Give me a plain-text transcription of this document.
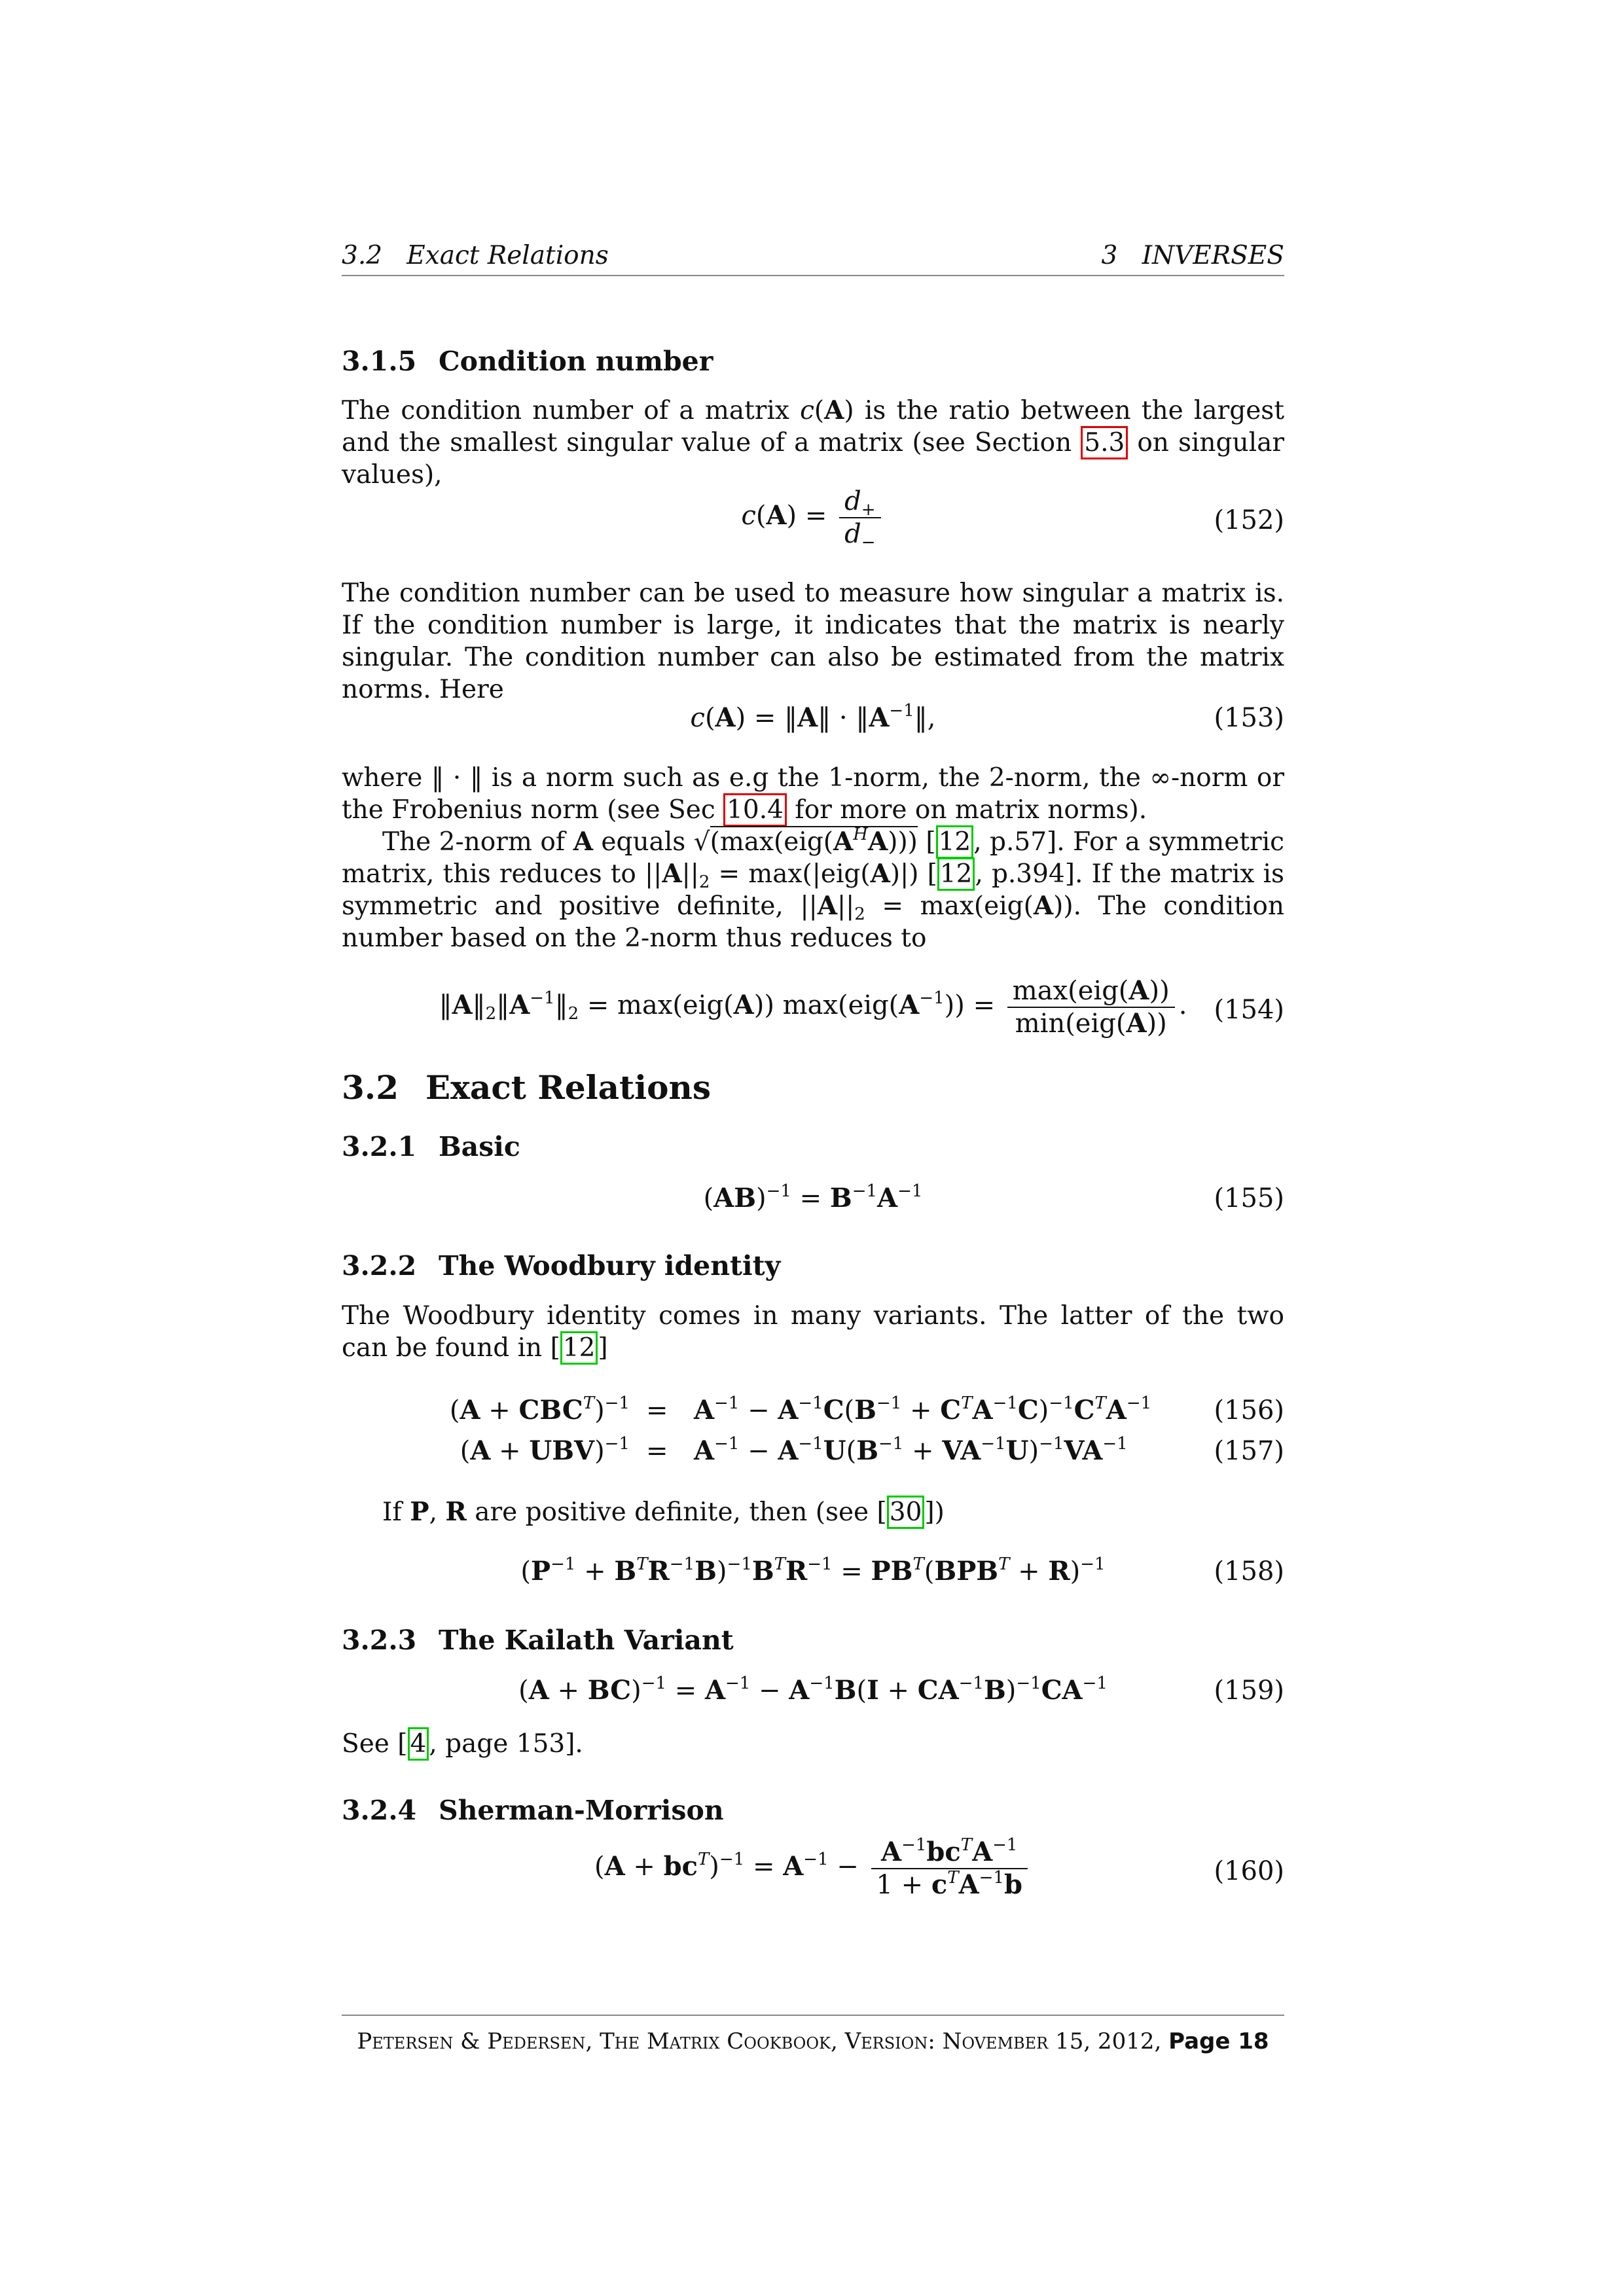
3.2 Exact Relations	3 INVERSES
3.1.5 Condition number
The condition number of a matrix c(A) is the ratio between the largest and the smallest singular value of a matrix (see Section 5.3 on singular values),
$c(A) = \frac{d_+}{d_-}$	(152)
The condition number can be used to measure how singular a matrix is. If the condition number is large, it indicates that the matrix is nearly singular. The condition number can also be estimated from the matrix norms. Here
c(A) = ‖A‖ · $‖A^{-1}‖$,	(153)
where ‖ · ‖ is a norm such as e.g the 1-norm, the 2-norm, the ∞-norm or the Frobenius norm (see Sec 10.4 for more on matrix norms).
The 2-norm of A equals $√(\max(eig(A^HA)))$ [ 12 , p.57]. For a symmetric matrix, this reduces to $||A||_2 = \max(|eig(A)|)$ [ 12 , p.394]. If the matrix is symmetric and positive definite, $||A||_2 = \max(eig(A))$. The condition number based on the 2-norm thus reduces to
$‖A‖_2‖A^{-1}‖_2 = \max(eig(A)) \max(eig(A^{-1})) = \frac{\text{max(eig(A))}}{\text{min(eig(A))}}$ .	(154)
3.2 Exact Relations
3.2.1 Basic
$(AB)^{-1} = B^{-1}A^{-1}$	(155)
3.2.2 The Woodbury identity
The Woodbury identity comes in many variants. The latter of the two can be found in [ 12 ]
$(A + CBC^T)^{-1} = A^{-1} - A^{-1}C(B^{-1} + C^TA^{-1}C)^{-1}C^TA^{-1}$ (156)
$(A + UBV)^{-1} = A^{-1} - A^{-1}U(B^{-1} + VA^{-1}U)^{-1}VA^{-1}$	(157)
If P, R are positive definite, then (see [ 30 ])
$(P^{-1} + B^TR^{-1}B)^{-1}B^TR^{-1} = PB^T(BPB^T + R)^{-1}$	(158)
3.2.3 The Kailath Variant
$(A + BC)^{-1} = A^{-1} - A^{-1}B(I + CA^{-1}B)^{-1}CA^{-1}$	(159)
See [ 4 , page 153].
3.2.4 Sherman-Morrison
$(A + bc^T)^{-1} = A^{-1} - \frac{A^{-1}bc^TA^{-1}}{1 + c^TA^{-1}b}$	(160)
Petersen & Pedersen, The Matrix Cookbook, Version: November 15, 2012, Page 18
